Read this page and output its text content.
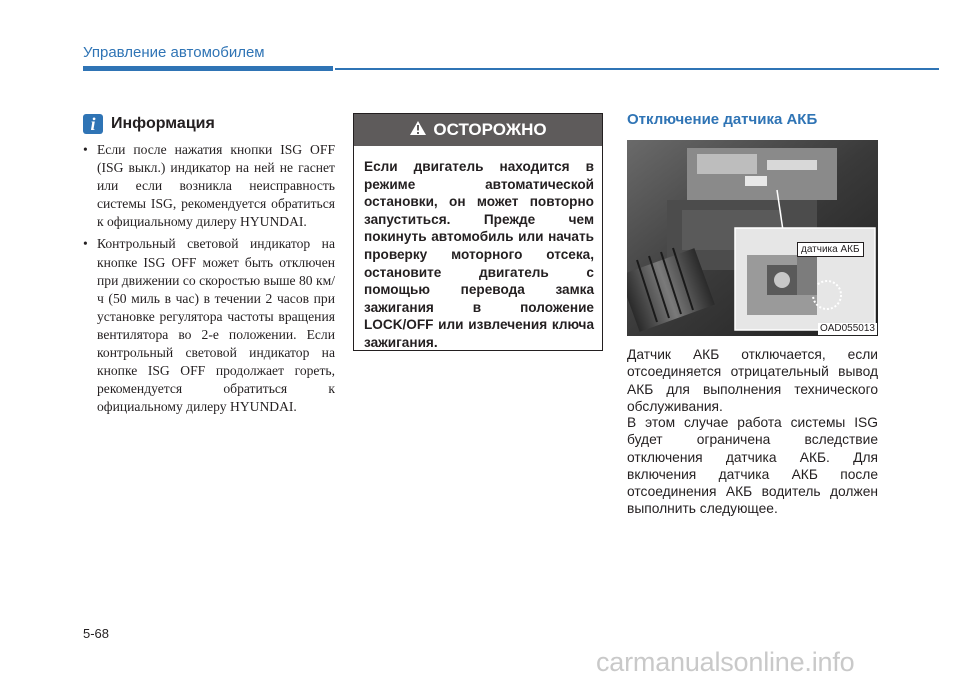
Управление автомобилем
i Информация
• Если после нажатия кнопки ISG OFF (ISG выкл.) индикатор на ней не гаснет или если возникла неисправность системы ISG, рекомендуется обратиться к официальному дилеру HYUNDAI.
• Контрольный световой индикатор на кнопке ISG OFF может быть отключен при движении со скоростью выше 80 км/ч (50 миль в час) в течении 2 часов при установке регулятора частоты вращения вентилятора во 2-е положении. Если контрольный световой индикатор на кнопке ISG OFF продолжает гореть, рекомендуется обратиться к официальному дилеру HYUNDAI.
ОСТОРОЖНО
Если двигатель находится в режиме автоматической остановки, он может повторно запуститься. Прежде чем покинуть автомобиль или начать проверку моторного отсека, остановите двигатель с помощью перевода замка зажигания в положение LOCK/OFF или извлечения ключа зажигания.
Отключение датчика АКБ
датчика АКБ
OAD055013

Датчик АКБ отключается, если отсоединяется отрицательный вывод АКБ для выполнения технического обслуживания.

В этом случае работа системы ISG будет ограничена вследствие отключения датчика АКБ. Для включения датчика АКБ после отсоединения АКБ водитель должен выполнить следующее.

5-68
carmanualsonline.info
